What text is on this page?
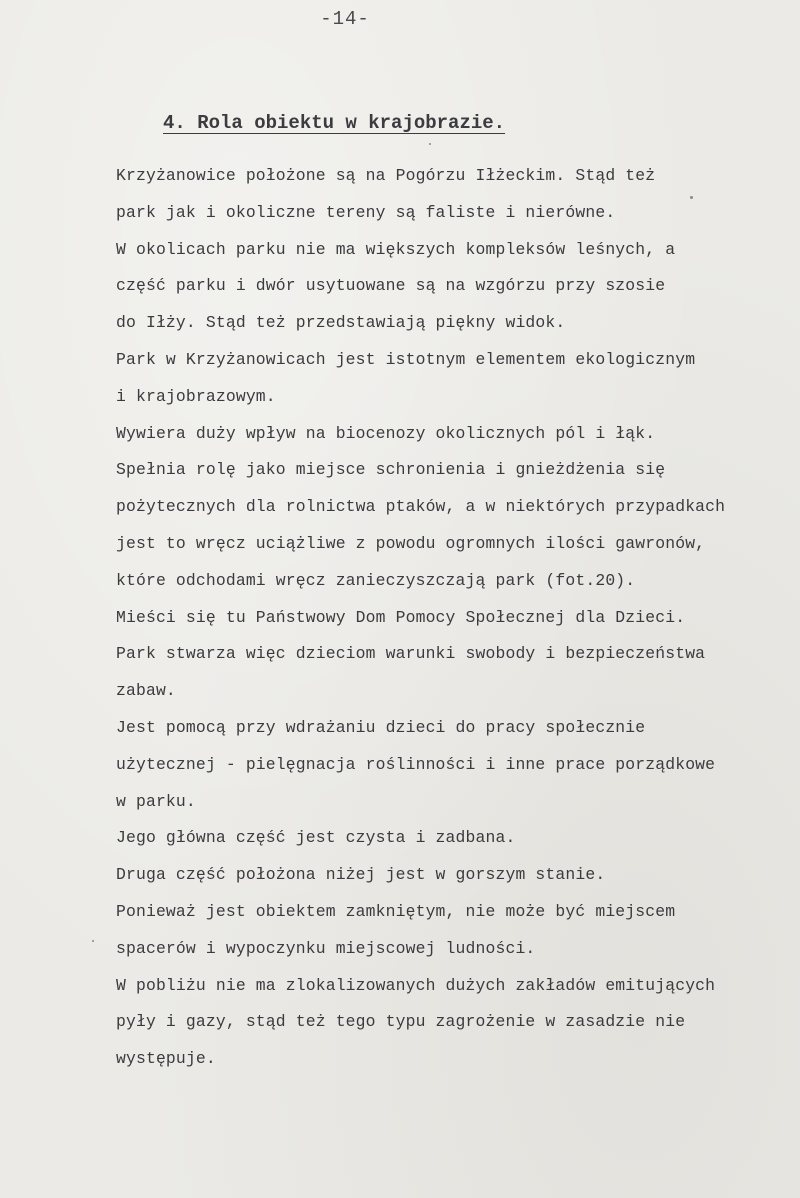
-14-
4. Rola obiektu w krajobrazie.
Krzyżanowice położone są na Pogórzu Iłżeckim. Stąd też
park jak i okoliczne tereny są faliste i nierówne.
W okolicach parku nie ma większych kompleksów leśnych, a
część parku i dwór usytuowane są na wzgórzu przy szosie
do Iłży. Stąd też przedstawiają piękny widok.
Park w Krzyżanowicach jest istotnym elementem ekologicznym
i krajobrazowym.
Wywiera duży wpływ na biocenozy okolicznych pól i łąk.
Spełnia rolę jako miejsce schronienia i gnieżdżenia się
pożytecznych dla rolnictwa ptaków, a w niektórych przypadkach
jest to wręcz uciążliwe z powodu ogromnych ilości gawronów,
które odchodami wręcz zanieczyszczają park (fot.20).
Mieści się tu Państwowy Dom Pomocy Społecznej dla Dzieci.
Park stwarza więc dzieciom warunki swobody i bezpieczeństwa
zabaw.
Jest pomocą przy wdrażaniu dzieci do pracy społecznie
użytecznej - pielęgnacja roślinności i inne prace porządkowe
w parku.
Jego główna część jest czysta i zadbana.
Druga część położona niżej jest w gorszym stanie.
Ponieważ jest obiektem zamkniętym, nie może być miejscem
spacerów i wypoczynku miejscowej ludności.
W pobliżu nie ma zlokalizowanych dużych zakładów emitujących
pyły i gazy, stąd też tego typu zagrożenie w zasadzie nie
występuje.
